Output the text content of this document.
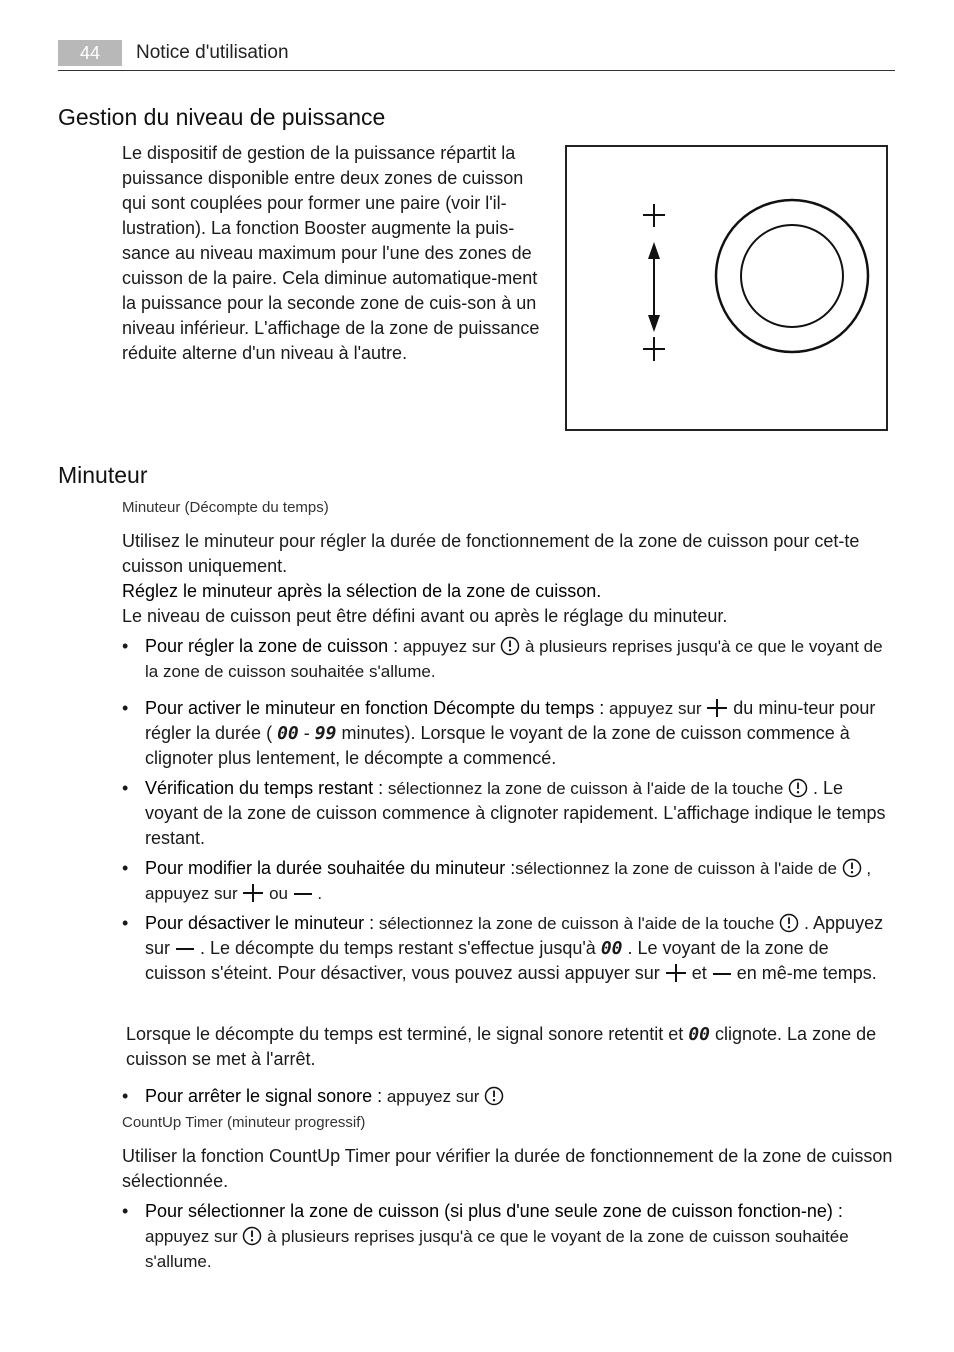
44	Notice d'utilisation
Gestion du niveau de puissance

Le dispositif de gestion de la puissance répartit la puissance disponible entre deux zones de cuisson qui sont couplées pour former une paire (voir l'il-lustration). La fonction Booster augmente la puis-sance au niveau maximum pour l'une des zones de cuisson de la paire. Cela diminue automatique-ment la puissance pour la seconde zone de cuis-son à un niveau inférieur. L'affichage de la zone de puissance réduite alterne d'un niveau à l'autre.

Minuteur
Minuteur (Décompte du temps)
Utilisez le minuteur pour régler la durée de fonctionnement de la zone de cuisson pour cet-te cuisson uniquement.
Réglez le minuteur après la sélection de la zone de cuisson.
Le niveau de cuisson peut être défini avant ou après le réglage du minuteur.
• Pour régler la zone de cuisson : appuyez sur  à plusieurs reprises jusqu'à ce que le voyant de la zone de cuisson souhaitée s'allume.
• Pour activer le minuteur en fonction Décompte du temps : appuyez sur  du minu-teur pour régler la durée ( 00 - 99 minutes). Lorsque le voyant de la zone de cuisson commence à clignoter plus lentement, le décompte a commencé.
• Vérification du temps restant : sélectionnez la zone de cuisson à l'aide de la touche  . Le voyant de la zone de cuisson commence à clignoter rapidement. L'affichage indique le temps restant.
• Pour modifier la durée souhaitée du minuteur :sélectionnez la zone de cuisson à l'aide de  , appuyez sur  ou  .
• Pour désactiver le minuteur : sélectionnez la zone de cuisson à l'aide de la touche  . Appuyez sur  . Le décompte du temps restant s'effectue jusqu'à 00 . Le voyant de la zone de cuisson s'éteint. Pour désactiver, vous pouvez aussi appuyer sur  et  en mê-me temps.
Lorsque le décompte du temps est terminé, le signal sonore retentit et 00 clignote. La zone de cuisson se met à l'arrêt.
• Pour arrêter le signal sonore : appuyez sur
CountUp Timer (minuteur progressif)
Utiliser la fonction CountUp Timer pour vérifier la durée de fonctionnement de la zone de cuisson sélectionnée.
• Pour sélectionner la zone de cuisson (si plus d'une seule zone de cuisson fonction-ne) : appuyez sur  à plusieurs reprises jusqu'à ce que le voyant de la zone de cuisson souhaitée s'allume.
